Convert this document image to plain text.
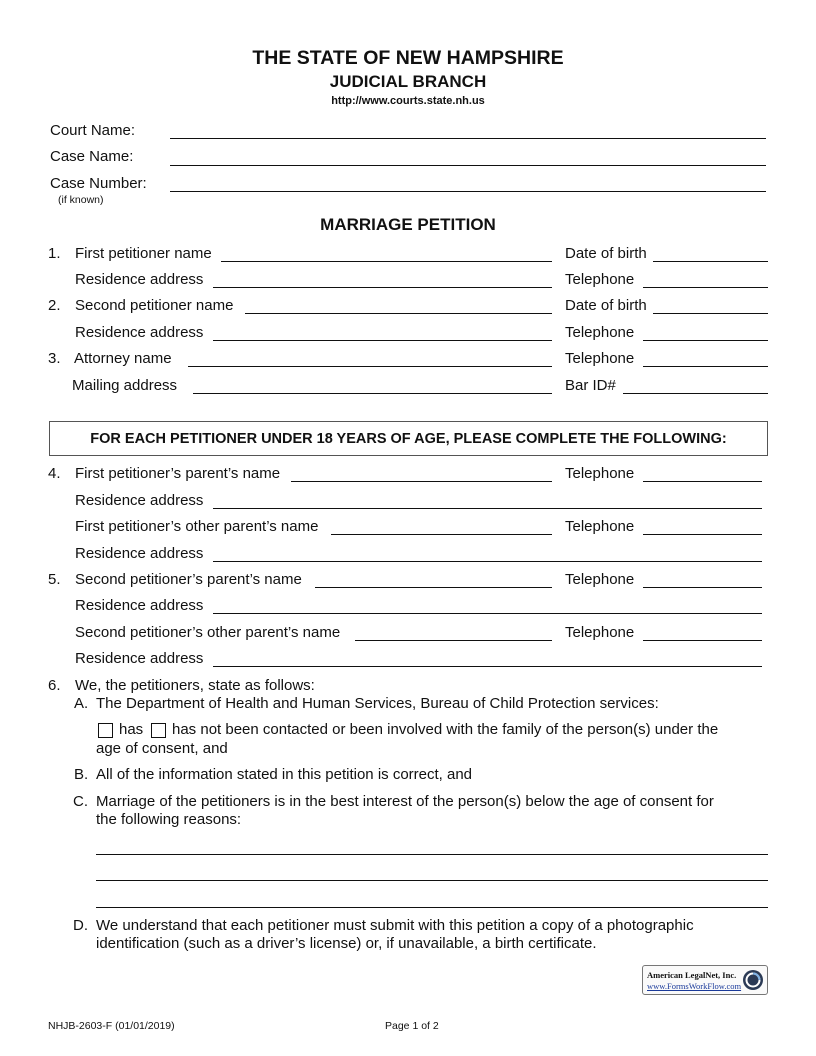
THE STATE OF NEW HAMPSHIRE
JUDICIAL BRANCH
http://www.courts.state.nh.us
Court Name:
Case Name:
Case Number:
(if known)
MARRIAGE PETITION
1. First petitioner name	Date of birth
Residence address	Telephone
2. Second petitioner name	Date of birth
Residence address	Telephone
3. Attorney name	Telephone
Mailing address	Bar ID#
FOR EACH PETITIONER UNDER 18 YEARS OF AGE, PLEASE COMPLETE THE FOLLOWING:
4. First petitioner’s parent’s name	Telephone
Residence address
First petitioner’s other parent’s name	Telephone
Residence address
5. Second petitioner’s parent’s name	Telephone
Residence address
Second petitioner’s other parent’s name	Telephone
Residence address
6. We, the petitioners, state as follows:
A. The Department of Health and Human Services, Bureau of Child Protection services:
has has not been contacted or been involved with the family of the person(s) under the
age of consent, and
B. All of the information stated in this petition is correct, and
C. Marriage of the petitioners is in the best interest of the person(s) below the age of consent for
the following reasons:
D. We understand that each petitioner must submit with this petition a copy of a photographic
identification (such as a driver’s license) or, if unavailable, a birth certificate.
American LegalNet, Inc.
www.FormsWorkFlow.com
NHJB-2603-F (01/01/2019)	Page 1 of 2
